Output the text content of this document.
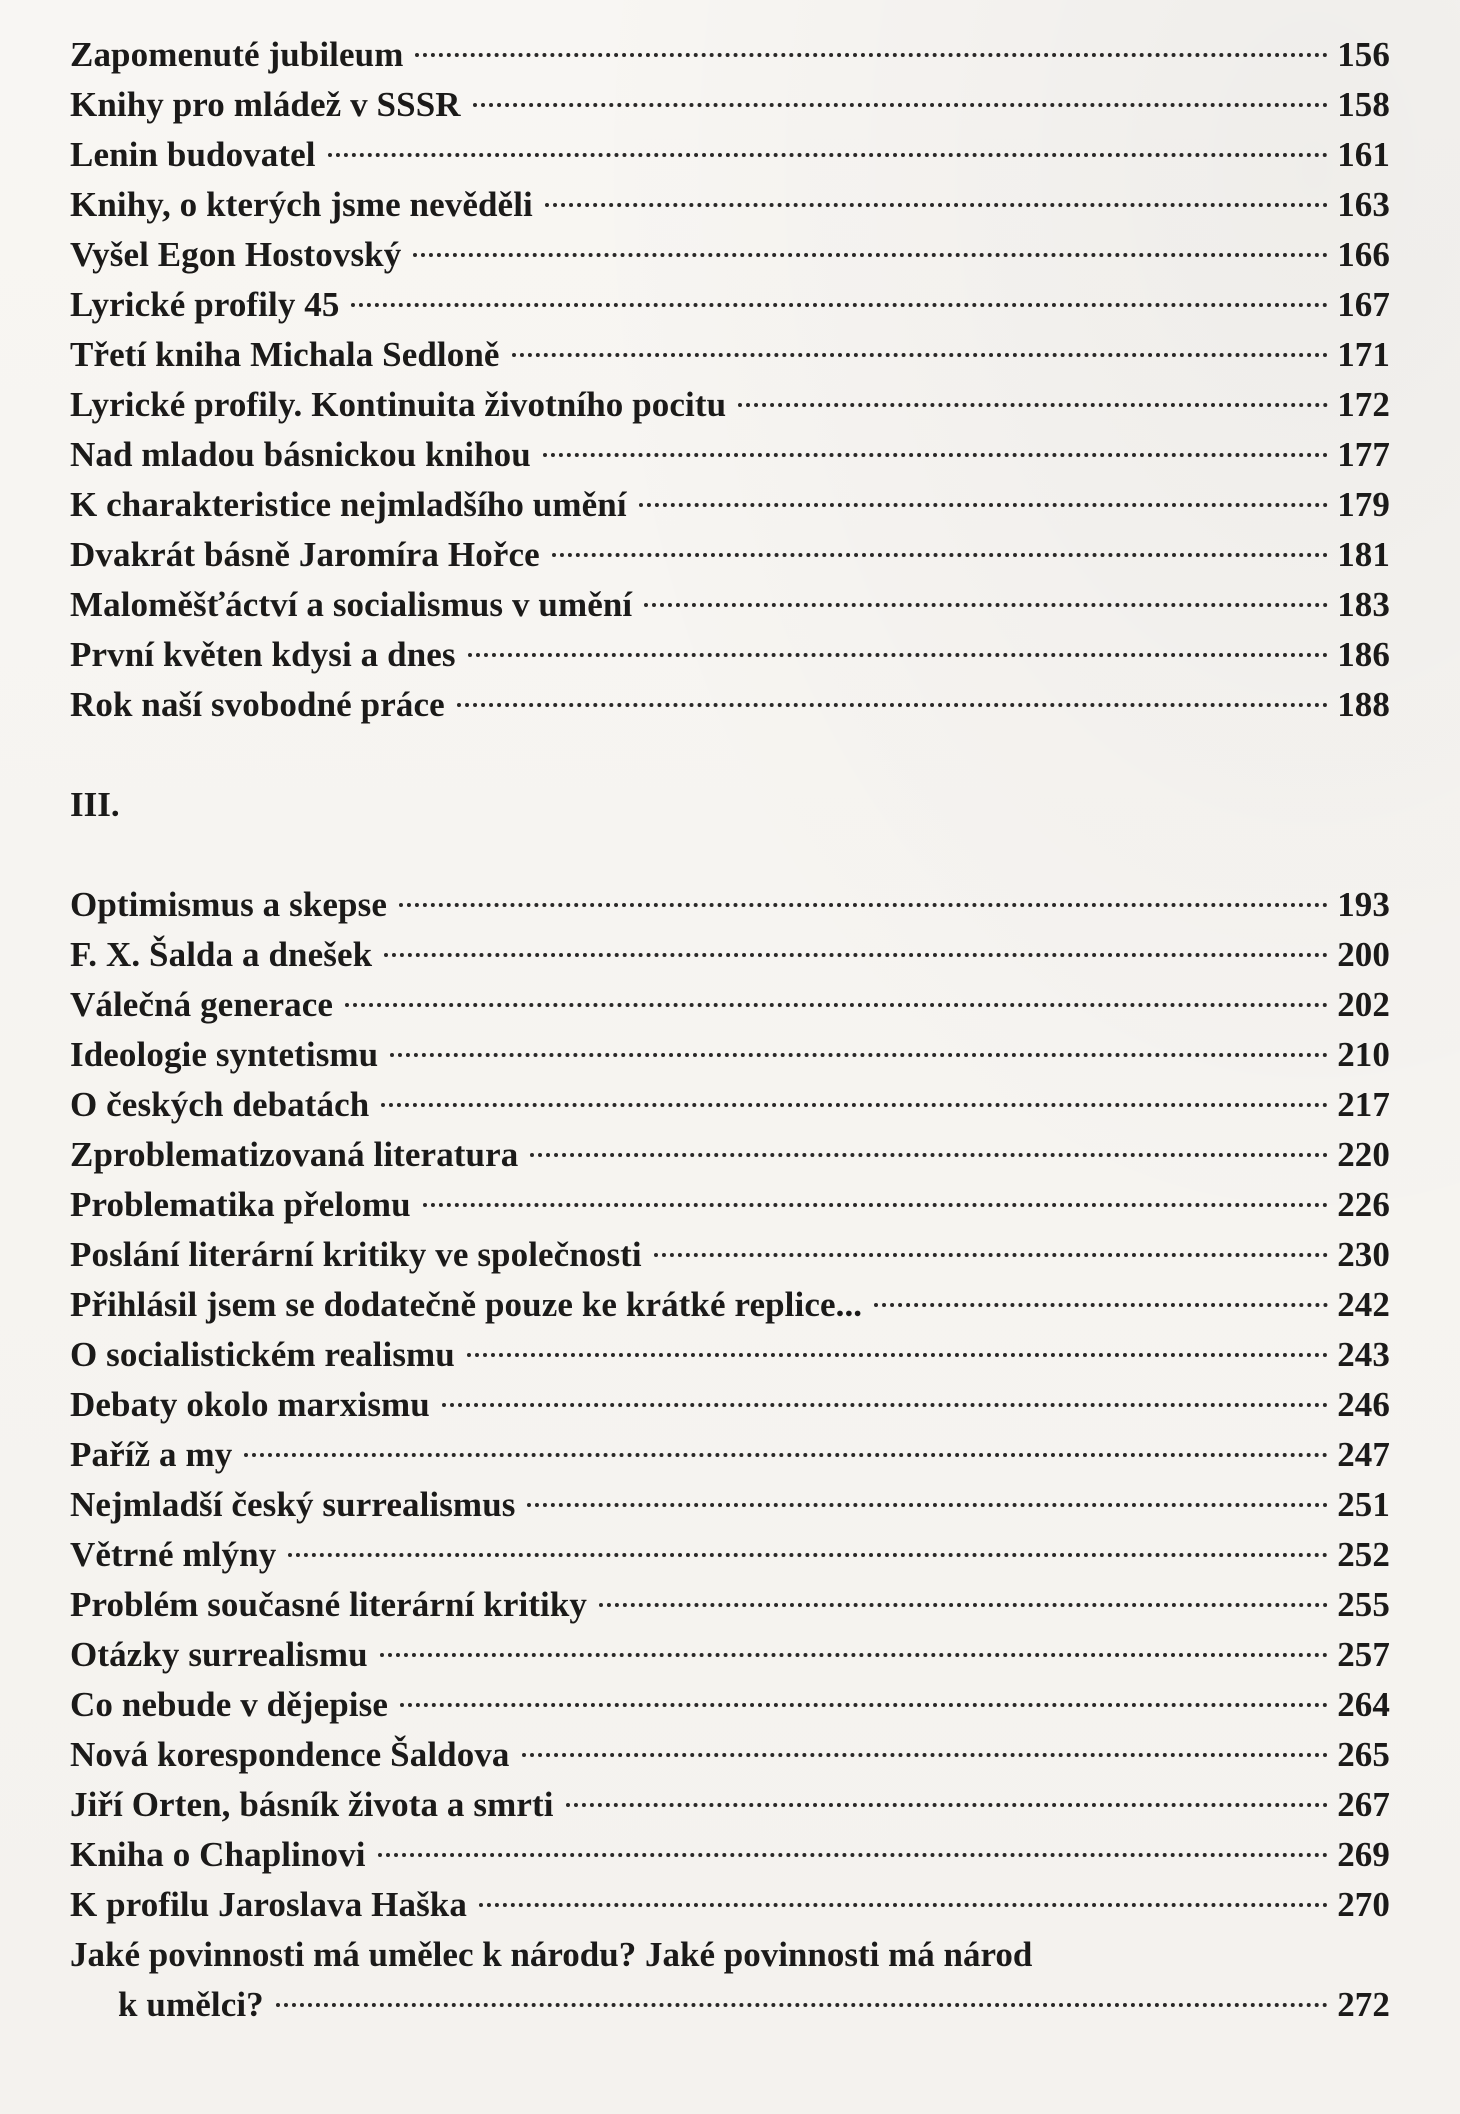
Zapomenuté jubileum	156
Knihy pro mládež v SSSR	158
Lenin budovatel	161
Knihy, o kterých jsme nevěděli	163
Vyšel Egon Hostovský	166
Lyrické profily 45	167
Třetí kniha Michala Sedloně	171
Lyrické profily. Kontinuita životního pocitu	172
Nad mladou básnickou knihou	177
K charakteristice nejmladšího umění	179
Dvakrát básně Jaromíra Hořce	181
Maloměšťáctví a socialismus v umění	183
První květen kdysi a dnes	186
Rok naší svobodné práce	188
III.
Optimismus a skepse	193
F. X. Šalda a dnešek	200
Válečná generace	202
Ideologie syntetismu	210
O českých debatách	217
Zproblematizovaná literatura	220
Problematika přelomu	226
Poslání literární kritiky ve společnosti	230
Přihlásil jsem se dodatečně pouze ke krátké replice...	242
O socialistickém realismu	243
Debaty okolo marxismu	246
Paříž a my	247
Nejmladší český surrealismus	251
Větrné mlýny	252
Problém současné literární kritiky	255
Otázky surrealismu	257
Co nebude v dějepise	264
Nová korespondence Šaldova	265
Jiří Orten, básník života a smrti	267
Kniha o Chaplinovi	269
K profilu Jaroslava Haška	270
Jaké povinnosti má umělec k národu? Jaké povinnosti má národ
k umělci?	272
